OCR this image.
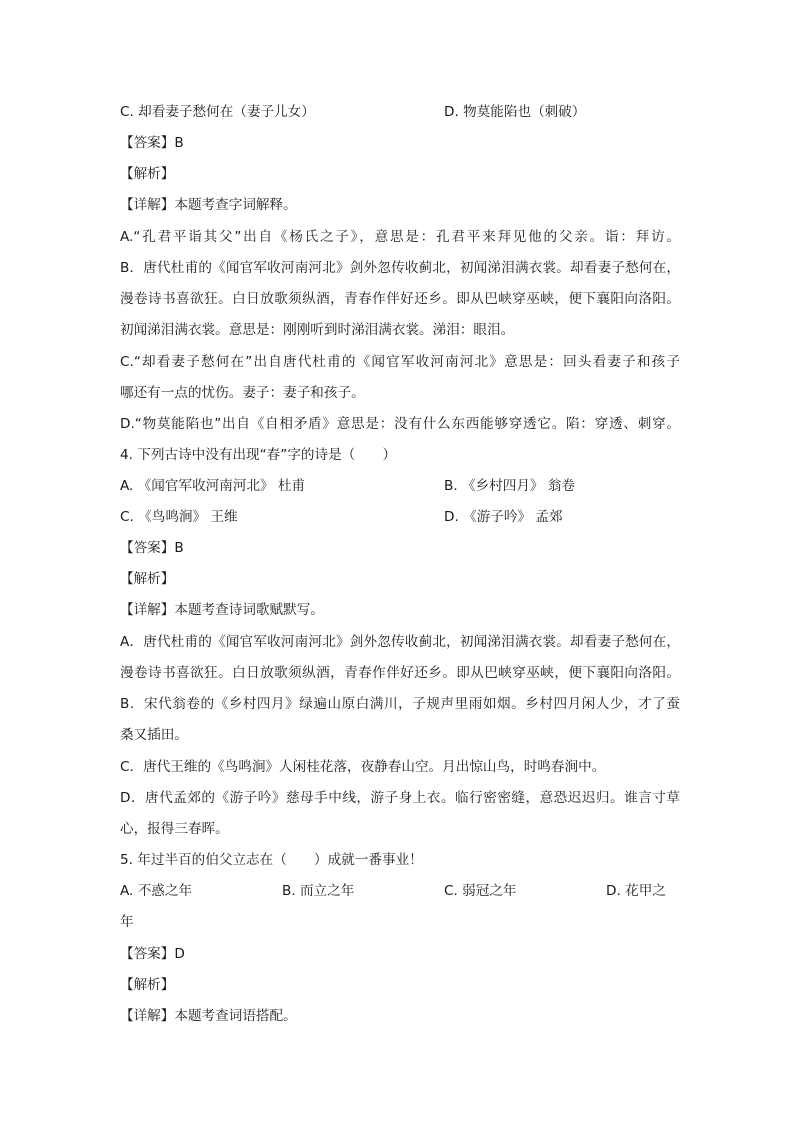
C. 却看妻子愁何在（妻子儿女）	D. 物莫能陷也（刺破）
【答案】B
【解析】
【详解】本题考查字词解释。
A.“孔君平诣其父”出自《杨氏之子》，意思是：孔君平来拜见他的父亲。诣：拜访。
B．唐代杜甫的《闻官军收河南河北》剑外忽传收蓟北，初闻涕泪满衣裳。却看妻子愁何在，
漫卷诗书喜欲狂。白日放歌须纵酒，青春作伴好还乡。即从巴峡穿巫峡，便下襄阳向洛阳。
初闻涕泪满衣裳。意思是：刚刚听到时涕泪满衣裳。涕泪：眼泪。
C.“却看妻子愁何在”出自唐代杜甫的《闻官军收河南河北》意思是：回头看妻子和孩子
哪还有一点的忧伤。妻子：妻子和孩子。
D.“物莫能陷也”出自《自相矛盾》意思是：没有什么东西能够穿透它。陷：穿透、刺穿。
4. 下列古诗中没有出现“春”字的诗是（　　）
A. 《闻官军收河南河北》 杜甫	B. 《乡村四月》 翁卷
C. 《鸟鸣涧》 王维	D. 《游子吟》 孟郊
【答案】B
【解析】
【详解】本题考查诗词歌赋默写。
A．唐代杜甫的《闻官军收河南河北》剑外忽传收蓟北，初闻涕泪满衣裳。却看妻子愁何在，
漫卷诗书喜欲狂。白日放歌须纵酒，青春作伴好还乡。即从巴峡穿巫峡，便下襄阳向洛阳。
B．宋代翁卷的《乡村四月》绿遍山原白满川，子规声里雨如烟。乡村四月闲人少，才了蚕
桑又插田。
C．唐代王维的《鸟鸣涧》人闲桂花落，夜静春山空。月出惊山鸟，时鸣春涧中。
D．唐代孟郊的《游子吟》慈母手中线，游子身上衣。临行密密缝，意恐迟迟归。谁言寸草
心，报得三春晖。
5. 年过半百的伯父立志在（　　）成就一番事业！
A. 不惑之年	B. 而立之年	C. 弱冠之年	D. 花甲之
年
【答案】D
【解析】
【详解】本题考查词语搭配。
